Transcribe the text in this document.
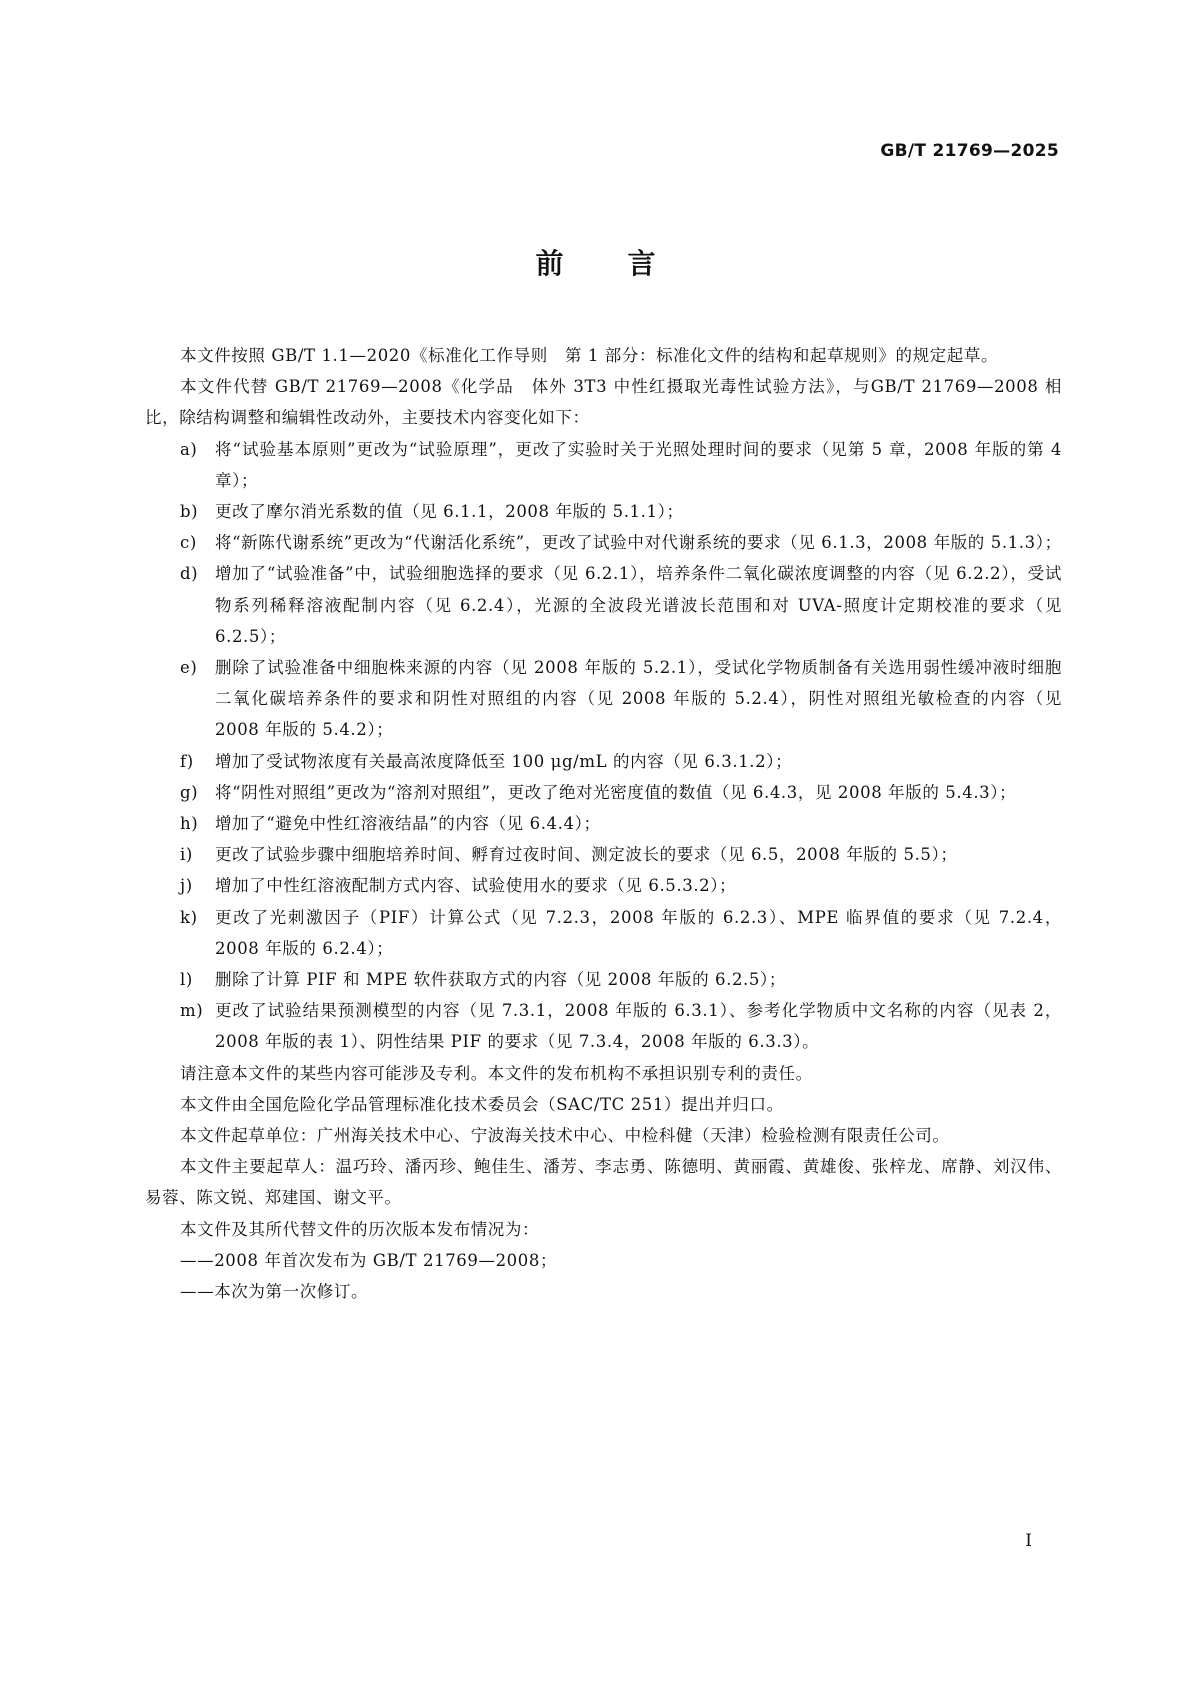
GB/T 21769—2025
前言

本文件按照 GB/T 1.1—2020《标准化工作导则　第 1 部分：标准化文件的结构和起草规则》的规定起草。

本文件代替 GB/T 21769—2008《化学品　体外 3T3 中性红摄取光毒性试验方法》，与GB/T 21769—2008 相比，除结构调整和编辑性改动外，主要技术内容变化如下：

a) 将“试验基本原则”更改为“试验原理”，更改了实验时关于光照处理时间的要求（见第 5 章，2008 年版的第 4 章）；
b) 更改了摩尔消光系数的值（见 6.1.1，2008 年版的 5.1.1）；
c) 将“新陈代谢系统”更改为“代谢活化系统”，更改了试验中对代谢系统的要求（见 6.1.3，2008 年版的 5.1.3）；
d) 增加了“试验准备”中，试验细胞选择的要求（见 6.2.1），培养条件二氧化碳浓度调整的内容（见 6.2.2），受试物系列稀释溶液配制内容（见 6.2.4），光源的全波段光谱波长范围和对 UVA-照度计定期校准的要求（见 6.2.5）；
e) 删除了试验准备中细胞株来源的内容（见 2008 年版的 5.2.1），受试化学物质制备有关选用弱性缓冲液时细胞二氧化碳培养条件的要求和阴性对照组的内容（见 2008 年版的 5.2.4），阴性对照组光敏检查的内容（见 2008 年版的 5.4.2）；
f) 增加了受试物浓度有关最高浓度降低至 100 μg/mL 的内容（见 6.3.1.2）；
g) 将“阴性对照组”更改为“溶剂对照组”，更改了绝对光密度值的数值（见 6.4.3，见 2008 年版的 5.4.3）；
h) 增加了“避免中性红溶液结晶”的内容（见 6.4.4）；
i) 更改了试验步骤中细胞培养时间、孵育过夜时间、测定波长的要求（见 6.5，2008 年版的 5.5）；
j) 增加了中性红溶液配制方式内容、试验使用水的要求（见 6.5.3.2）；
k) 更改了光刺激因子（PIF）计算公式（见 7.2.3，2008 年版的 6.2.3）、MPE 临界值的要求（见 7.2.4，2008 年版的 6.2.4）；
l) 删除了计算 PIF 和 MPE 软件获取方式的内容（见 2008 年版的 6.2.5）；
m) 更改了试验结果预测模型的内容（见 7.3.1，2008 年版的 6.3.1）、参考化学物质中文名称的内容（见表 2，2008 年版的表 1）、阴性结果 PIF 的要求（见 7.3.4，2008 年版的 6.3.3）。

请注意本文件的某些内容可能涉及专利。本文件的发布机构不承担识别专利的责任。

本文件由全国危险化学品管理标准化技术委员会（SAC/TC 251）提出并归口。

本文件起草单位：广州海关技术中心、宁波海关技术中心、中检科健（天津）检验检测有限责任公司。

本文件主要起草人：温巧玲、潘丙珍、鲍佳生、潘芳、李志勇、陈德明、黄丽霞、黄雄俊、张梓龙、席静、刘汉伟、易蓉、陈文锐、郑建国、谢文平。

本文件及其所代替文件的历次版本发布情况为：

——2008 年首次发布为 GB/T 21769—2008；

——本次为第一次修订。

I
